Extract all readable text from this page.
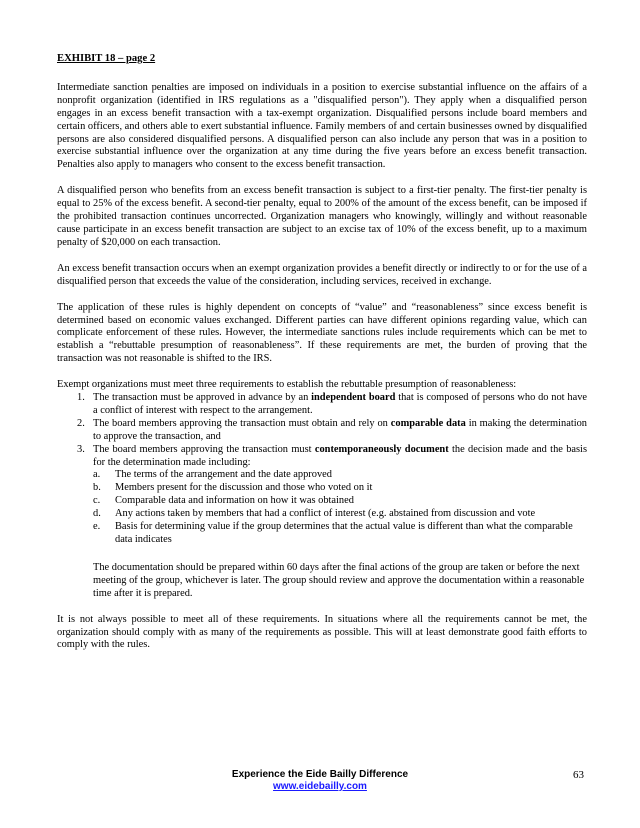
EXHIBIT 18 – page 2

Intermediate sanction penalties are imposed on individuals in a position to exercise substantial influence on the affairs of a nonprofit organization (identified in IRS regulations as a "disqualified person"). They apply when a disqualified person engages in an excess benefit transaction with a tax-exempt organization. Disqualified persons include board members and certain officers, and others able to exert substantial influence. Family members of and certain businesses owned by disqualified persons are also considered disqualified persons. A disqualified person can also include any person that was in a position to exercise substantial influence over the organization at any time during the five years before an excess benefit transaction. Penalties also apply to managers who consent to the excess benefit transaction.

A disqualified person who benefits from an excess benefit transaction is subject to a first-tier penalty. The first-tier penalty is equal to 25% of the excess benefit. A second-tier penalty, equal to 200% of the amount of the excess benefit, can be imposed if the prohibited transaction continues uncorrected. Organization managers who knowingly, willingly and without reasonable cause participate in an excess benefit transaction are subject to an excise tax of 10% of the excess benefit, up to a maximum penalty of $20,000 on each transaction.

An excess benefit transaction occurs when an exempt organization provides a benefit directly or indirectly to or for the use of a disqualified person that exceeds the value of the consideration, including services, received in exchange.

The application of these rules is highly dependent on concepts of “value” and “reasonableness” since excess benefit is determined based on economic values exchanged. Different parties can have different opinions regarding value, which can complicate enforcement of these rules. However, the intermediate sanctions rules include requirements which can be met to establish a “rebuttable presumption of reasonableness”. If these requirements are met, the burden of proving that the transaction was not reasonable is shifted to the IRS.

Exempt organizations must meet three requirements to establish the rebuttable presumption of reasonableness:
1. The transaction must be approved in advance by an independent board that is composed of persons who do not have a conflict of interest with respect to the arrangement.
2. The board members approving the transaction must obtain and rely on comparable data in making the determination to approve the transaction, and
3. The board members approving the transaction must contemporaneously document the decision made and the basis for the determination made including:
a. The terms of the arrangement and the date approved
b. Members present for the discussion and those who voted on it
c. Comparable data and information on how it was obtained
d. Any actions taken by members that had a conflict of interest (e.g. abstained from discussion and vote
e. Basis for determining value if the group determines that the actual value is different than what the comparable data indicates
The documentation should be prepared within 60 days after the final actions of the group are taken or before the next meeting of the group, whichever is later. The group should review and approve the documentation within a reasonable time after it is prepared.

It is not always possible to meet all of these requirements. In situations where all the requirements cannot be met, the organization should comply with as many of the requirements as possible. This will at least demonstrate good faith efforts to comply with the rules.

Experience the Eide Bailly Difference
www.eidebailly.com
63
